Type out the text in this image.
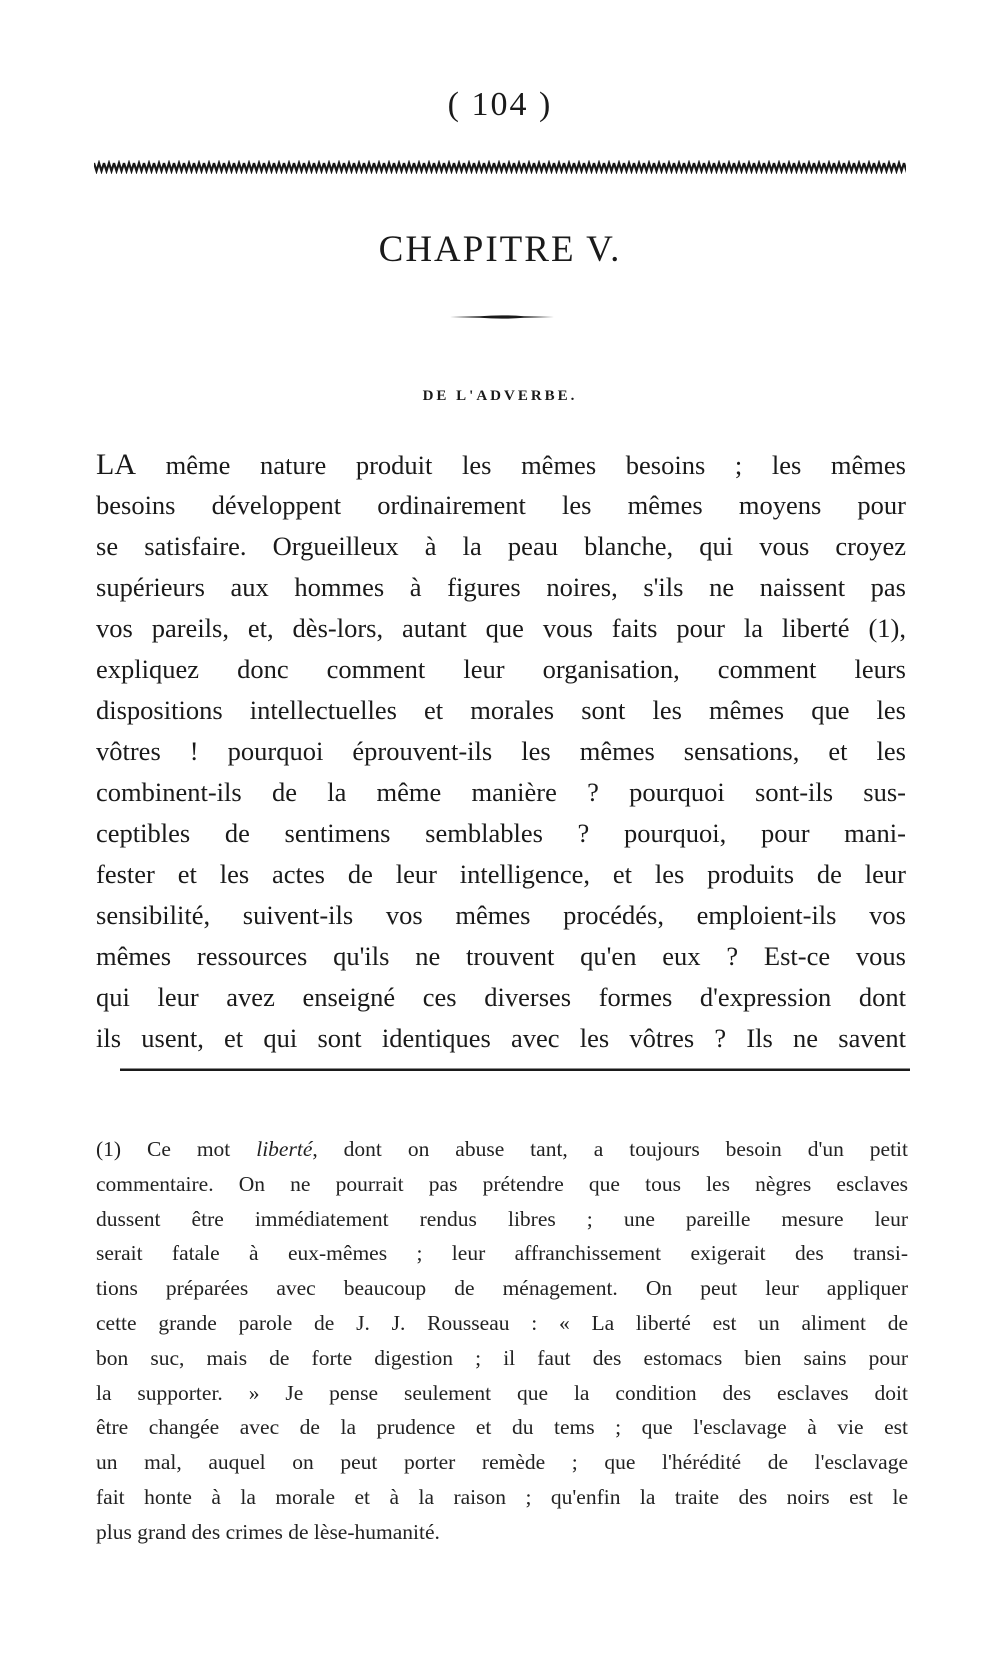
( 104 )
CHAPITRE V.
DE L'ADVERBE.
LA même nature produit les mêmes besoins ; les mêmes
besoins développent ordinairement les mêmes moyens pour
se satisfaire. Orgueilleux à la peau blanche, qui vous croyez
supérieurs aux hommes à figures noires, s'ils ne naissent pas
vos pareils, et, dès-lors, autant que vous faits pour la liberté (1),
expliquez donc comment leur organisation, comment leurs
dispositions intellectuelles et morales sont les mêmes que les
vôtres ! pourquoi éprouvent-ils les mêmes sensations, et les
combinent-ils de la même manière ? pourquoi sont-ils sus-
ceptibles de sentimens semblables ? pourquoi, pour mani-
fester et les actes de leur intelligence, et les produits de leur
sensibilité, suivent-ils vos mêmes procédés, emploient-ils vos
mêmes ressources qu'ils ne trouvent qu'en eux ? Est-ce vous
qui leur avez enseigné ces diverses formes d'expression dont
ils usent, et qui sont identiques avec les vôtres ? Ils ne savent
(1) Ce mot liberté, dont on abuse tant, a toujours besoin d'un petit
commentaire. On ne pourrait pas prétendre que tous les nègres esclaves
dussent être immédiatement rendus libres ; une pareille mesure leur
serait fatale à eux-mêmes ; leur affranchissement exigerait des transi-
tions préparées avec beaucoup de ménagement. On peut leur appliquer
cette grande parole de J. J. Rousseau : « La liberté est un aliment de
bon suc, mais de forte digestion ; il faut des estomacs bien sains pour
la supporter. » Je pense seulement que la condition des esclaves doit
être changée avec de la prudence et du tems ; que l'esclavage à vie est
un mal, auquel on peut porter remède ; que l'hérédité de l'esclavage
fait honte à la morale et à la raison ; qu'enfin la traite des noirs est le
plus grand des crimes de lèse-humanité.
